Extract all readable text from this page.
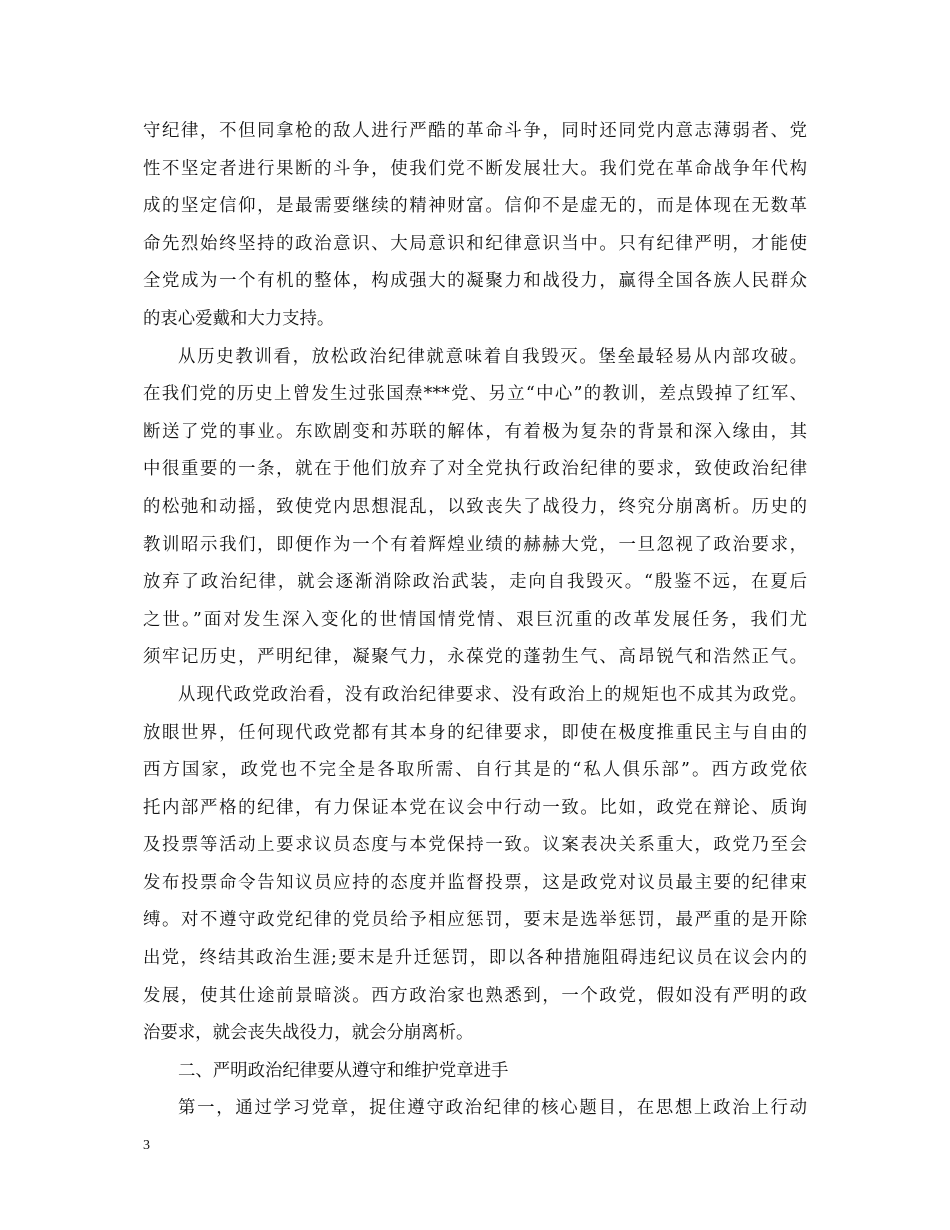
守纪律，不但同拿枪的敌人进行严酷的革命斗争，同时还同党内意志薄弱者、党
性不坚定者进行果断的斗争，使我们党不断发展壮大。我们党在革命战争年代构
成的坚定信仰，是最需要继续的精神财富。信仰不是虚无的，而是体现在无数革
命先烈始终坚持的政治意识、大局意识和纪律意识当中。只有纪律严明，才能使
全党成为一个有机的整体，构成强大的凝聚力和战役力，赢得全国各族人民群众
的衷心爱戴和大力支持。
从历史教训看，放松政治纪律就意味着自我毁灭。堡垒最轻易从内部攻破。
在我们党的历史上曾发生过张国焘***党、另立“中心”的教训，差点毁掉了红军、
断送了党的事业。东欧剧变和苏联的解体，有着极为复杂的背景和深入缘由，其
中很重要的一条，就在于他们放弃了对全党执行政治纪律的要求，致使政治纪律
的松弛和动摇，致使党内思想混乱，以致丧失了战役力，终究分崩离析。历史的
教训昭示我们，即便作为一个有着辉煌业绩的赫赫大党，一旦忽视了政治要求，
放弃了政治纪律，就会逐渐消除政治武装，走向自我毁灭。“殷鉴不远，在夏后
之世。”面对发生深入变化的世情国情党情、艰巨沉重的改革发展任务，我们尤
须牢记历史，严明纪律，凝聚气力，永葆党的蓬勃生气、高昂锐气和浩然正气。
从现代政党政治看，没有政治纪律要求、没有政治上的规矩也不成其为政党。
放眼世界，任何现代政党都有其本身的纪律要求，即使在极度推重民主与自由的
西方国家，政党也不完全是各取所需、自行其是的“私人俱乐部”。西方政党依
托内部严格的纪律，有力保证本党在议会中行动一致。比如，政党在辩论、质询
及投票等活动上要求议员态度与本党保持一致。议案表决关系重大，政党乃至会
发布投票命令告知议员应持的态度并监督投票，这是政党对议员最主要的纪律束
缚。对不遵守政党纪律的党员给予相应惩罚，要末是选举惩罚，最严重的是开除
出党，终结其政治生涯;要末是升迁惩罚，即以各种措施阻碍违纪议员在议会内的
发展，使其仕途前景暗淡。西方政治家也熟悉到，一个政党，假如没有严明的政
治要求，就会丧失战役力，就会分崩离析。
二、严明政治纪律要从遵守和维护党章进手
第一，通过学习党章，捉住遵守政治纪律的核心题目，在思想上政治上行动
3
